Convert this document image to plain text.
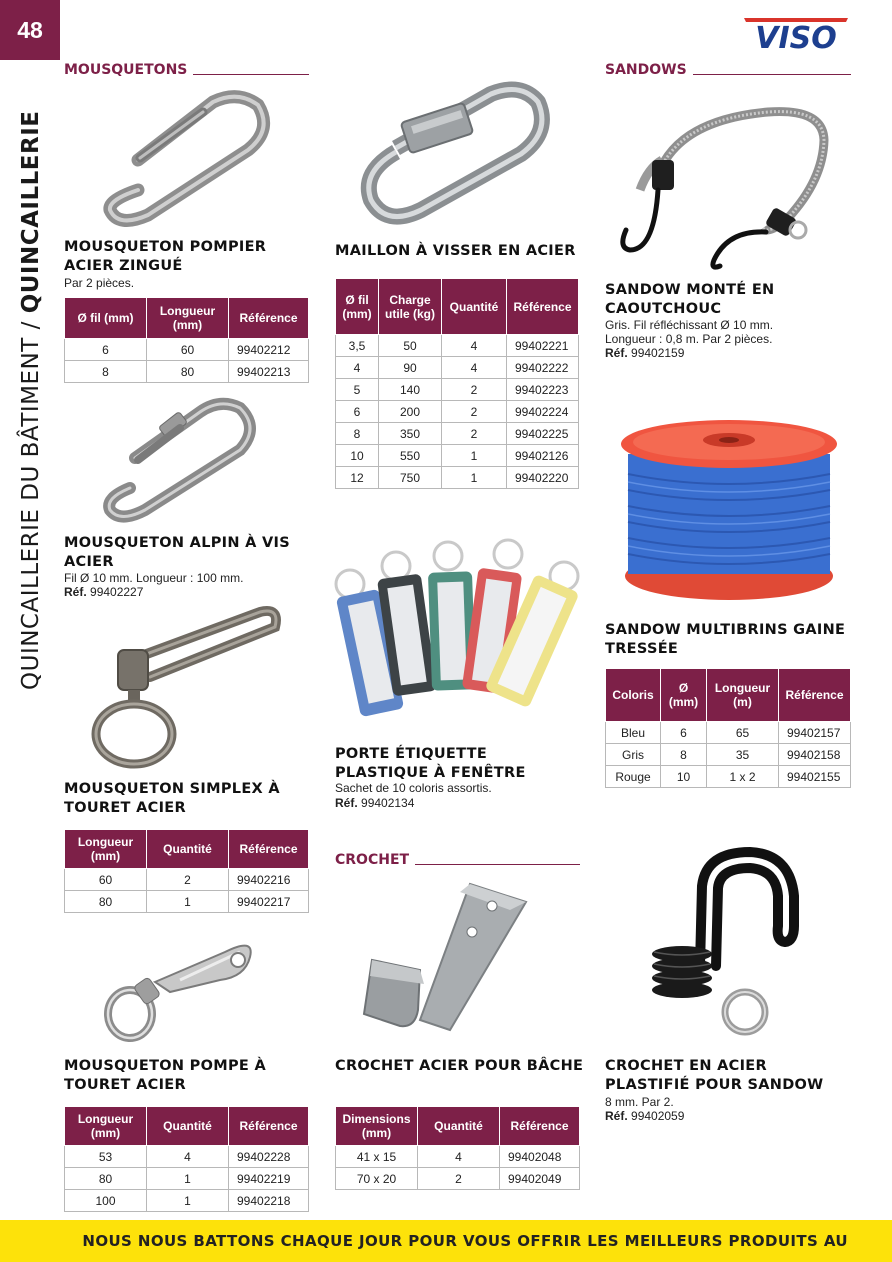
48
QUINCAILLERIE DU BÂTIMENT / QUINCAILLERIE
VISO
MOUSQUETONS	SANDOWS
CROCHET
MOUSQUETON POMPIER ACIER ZINGUÉ
Par 2 pièces.
Ø fil (mm)	Longueur (mm)	Référence
6	60	99402212
8	80	99402213
MOUSQUETON ALPIN À VIS ACIER
Fil Ø 10 mm. Longueur : 100 mm.
Réf. 99402227
MOUSQUETON SIMPLEX À TOURET ACIER
Longueur (mm)	Quantité	Référence
60	2	99402216
80	1	99402217
MOUSQUETON POMPE À TOURET ACIER
Longueur (mm)	Quantité	Référence
53	4	99402228
80	1	99402219
100	1	99402218
MAILLON À VISSER EN ACIER
Ø fil (mm)	Charge utile (kg)	Quantité	Référence
3,5	50	4	99402221
4	90	4	99402222
5	140	2	99402223
6	200	2	99402224
8	350	2	99402225
10	550	1	99402126
12	750	1	99402220
PORTE ÉTIQUETTE PLASTIQUE À FENÊTRE
Sachet de 10 coloris assortis.
Réf. 99402134
CROCHET ACIER POUR BÂCHE
Dimensions (mm)	Quantité	Référence
41 x 15	4	99402048
70 x 20	2	99402049
SANDOW MONTÉ EN CAOUTCHOUC
Gris. Fil réfléchissant Ø 10 mm.
Longueur : 0,8 m. Par 2 pièces.
Réf. 99402159
SANDOW MULTIBRINS GAINE TRESSÉE
Coloris	Ø (mm)	Longueur (m)	Référence
Bleu	6	65	99402157
Gris	8	35	99402158
Rouge	10	1 x 2	99402155
CROCHET EN ACIER PLASTIFIÉ POUR SANDOW
8 mm. Par 2.
Réf. 99402059
NOUS NOUS BATTONS CHAQUE JOUR POUR VOUS OFFRIR LES MEILLEURS PRODUITS AU
